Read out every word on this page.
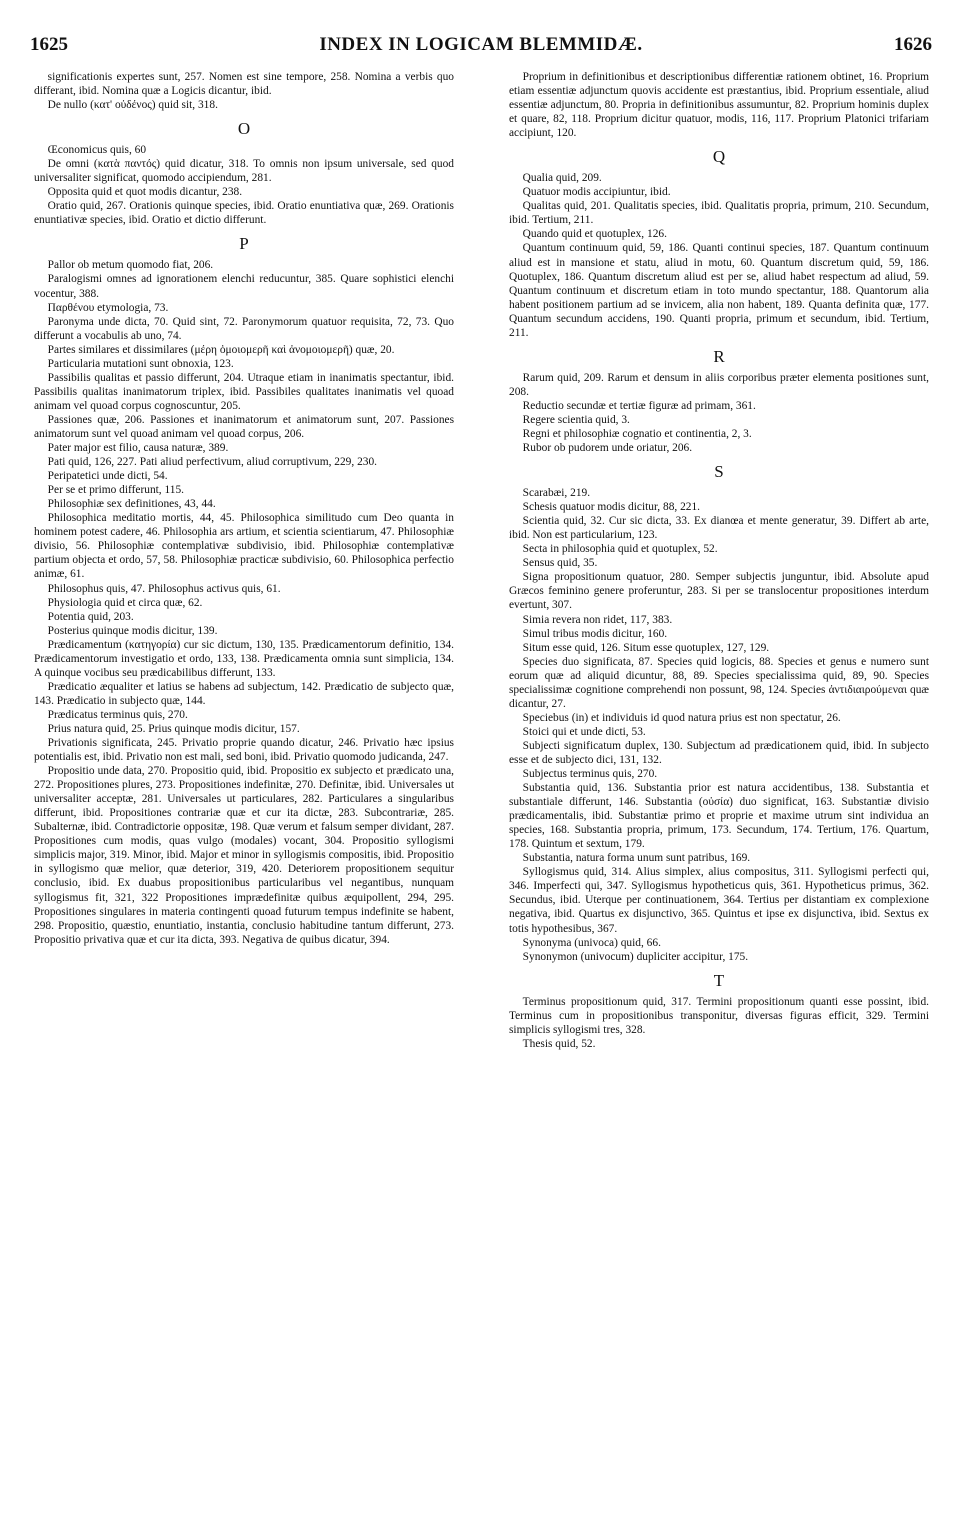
1625	INDEX IN LOGICAM BLEMMIDÆ.	1626
significationis expertes sunt, 257. Nomen est sine tempore, 258. Nomina a verbis quo differant, ibid. Nomina quæ a Logicis dicantur, ibid.
De nullo (κατ' οὐδένος) quid sit, 318.
O
Œconomicus quis, 60
De omni (κατὰ παντός) quid dicatur, 318. To omnis non ipsum universale, sed quod universaliter significat, quomodo accipiendum, 281.
Opposita quid et quot modis dicantur, 238.
Oratio quid, 267. Orationis quinque species, ibid. Oratio enuntiativa quæ, 269. Orationis enuntiativæ species, ibid. Oratio et dictio differunt.
P
Pallor ob metum quomodo fiat, 206.
Paralogismi omnes ad ignorationem elenchi reducuntur, 385. Quare sophistici elenchi vocentur, 388.
Παρθένου etymologia, 73.
Paronyma unde dicta, 70. Quid sint, 72. Paronymorum quatuor requisita, 72, 73. Quo differunt a vocabulis ab uno, 74.
Partes similares et dissimilares (μέρη ὁμοιομερῆ καὶ ἀνομοιομερῆ) quæ, 20.
Particularia mutationi sunt obnoxia, 123.
Passibilis qualitas et passio differunt, 204. Utraque etiam in inanimatis spectantur, ibid. Passibilis qualitas inanimatorum triplex, ibid. Passibiles qualitates inanimatis vel quoad animam vel quoad corpus cognoscuntur, 205.
Passiones quæ, 206. Passiones et inanimatorum et animatorum sunt, 207. Passiones animatorum sunt vel quoad animam vel quoad corpus, 206.
Pater major est filio, causa naturæ, 389.
Pati quid, 126, 227. Pati aliud perfectivum, aliud corruptivum, 229, 230.
Peripatetici unde dicti, 54.
Per se et primo differunt, 115.
Philosophiæ sex definitiones, 43, 44.
Philosophica meditatio mortis, 44, 45. Philosophica similitudo cum Deo quanta in hominem potest cadere, 46. Philosophia ars artium, et scientia scientiarum, 47. Philosophiæ divisio, 56. Philosophiæ contemplativæ subdivisio, ibid. Philosophiæ contemplativæ partium objecta et ordo, 57, 58. Philosophiæ practicæ subdivisio, 60. Philosophica perfectio animæ, 61.
Philosophus quis, 47. Philosophus activus quis, 61.
Physiologia quid et circa quæ, 62.
Potentia quid, 203.
Posterius quinque modis dicitur, 139.
Prædicamentum (κατηγορία) cur sic dictum, 130, 135. Prædicamentorum definitio, 134. Prædicamentorum investigatio et ordo, 133, 138. Prædicamenta omnia sunt simplicia, 134. A quinque vocibus seu prædicabilibus differunt, 133.
Prædicatio æqualiter et latius se habens ad subjectum, 142. Prædicatio de subjecto quæ, 143. Prædicatio in subjecto quæ, 144.
Prædicatus terminus quis, 270.
Prius natura quid, 25. Prius quinque modis dicitur, 157.
Privationis significata, 245. Privatio proprie quando dicatur, 246. Privatio hæc ipsius potentialis est, ibid. Privatio non est mali, sed boni, ibid. Privatio quomodo judicanda, 247.
Propositio unde data, 270. Propositio quid, ibid. Propositio ex subjecto et prædicato una, 272. Propositiones plures, 273. Propositiones indefinitæ, 270. Definitæ, ibid. Universales ut universaliter acceptæ, 281. Universales ut particulares, 282. Particulares a singularibus differunt, ibid. Propositiones contrariæ quæ et cur ita dictæ, 283. Subcontrariæ, 285. Subalternæ, ibid. Contradictorie oppositæ, 198. Quæ verum et falsum semper dividant, 287. Propositiones cum modis, quas vulgo (modales) vocant, 304. Propositio syllogismi simplicis major, 319. Minor, ibid. Major et minor in syllogismis compositis, ibid. Propositio in syllogismo quæ melior, quæ deterior, 319, 420. Deteriorem propositionem sequitur conclusio, ibid. Ex duabus propositionibus particularibus vel negantibus, nunquam syllogismus fit, 321, 322 Propositiones imprædefinitæ quibus æquipollent, 294, 295. Propositiones singulares in materia contingenti quoad futurum tempus indefinite se habent, 298. Propositio, quæstio, enuntiatio, instantia, conclusio habitudine tantum differunt, 273. Propositio privativa quæ et cur ita dicta, 393. Negativa de quibus dicatur, 394.
Proprium in definitionibus et descriptionibus differentiæ rationem obtinet, 16. Proprium etiam essentiæ adjunctum quovis accidente est præstantius, ibid. Proprium essentiale, aliud essentiæ adjunctum, 80. Propria in definitionibus assumuntur, 82. Proprium hominis duplex et quare, 82, 118. Proprium dicitur quatuor, modis, 116, 117. Proprium Platonici trifariam accipiunt, 120.
Q
Qualia quid, 209.
Quatuor modis accipiuntur, ibid.
Qualitas quid, 201. Qualitatis species, ibid. Qualitatis propria, primum, 210. Secundum, ibid. Tertium, 211.
Quando quid et quotuplex, 126.
Quantum continuum quid, 59, 186. Quanti continui species, 187. Quantum continuum aliud est in mansione et statu, aliud in motu, 60. Quantum discretum quid, 59, 186. Quotuplex, 186. Quantum discretum aliud est per se, aliud habet respectum ad aliud, 59. Quantum continuum et discretum etiam in toto mundo spectantur, 188. Quantorum alia habent positionem partium ad se invicem, alia non habent, 189. Quanta definita quæ, 177. Quantum secundum accidens, 190. Quanti propria, primum et secundum, ibid. Tertium, 211.
R
Rarum quid, 209. Rarum et densum in aliis corporibus præter elementa positiones sunt, 208.
Reductio secundæ et tertiæ figuræ ad primam, 361.
Regere scientia quid, 3.
Regni et philosophiæ cognatio et continentia, 2, 3.
Rubor ob pudorem unde oriatur, 206.
S
Scarabæi, 219.
Schesis quatuor modis dicitur, 88, 221.
Scientia quid, 32. Cur sic dicta, 33. Ex dianœa et mente generatur, 39. Differt ab arte, ibid. Non est particularium, 123.
Secta in philosophia quid et quotuplex, 52.
Sensus quid, 35.
Signa propositionum quatuor, 280. Semper subjectis junguntur, ibid. Absolute apud Græcos feminino genere proferuntur, 283. Si per se translocentur propositiones interdum evertunt, 307.
Simia revera non ridet, 117, 383.
Simul tribus modis dicitur, 160.
Situm esse quid, 126. Situm esse quotuplex, 127, 129.
Species duo significata, 87. Species quid logicis, 88. Species et genus e numero sunt eorum quæ ad aliquid dicuntur, 88, 89. Species specialissima quid, 89, 90. Species specialissimæ cognitione comprehendi non possunt, 98, 124. Species ἀντιδιαιρούμεναι quæ dicantur, 27.
Speciebus (in) et individuis id quod natura prius est non spectatur, 26.
Stoici qui et unde dicti, 53.
Subjecti significatum duplex, 130. Subjectum ad prædicationem quid, ibid. In subjecto esse et de subjecto dici, 131, 132.
Subjectus terminus quis, 270.
Substantia quid, 136. Substantia prior est natura accidentibus, 138. Substantia et substantiale differunt, 146. Substantia (οὐσία) duo significat, 163. Substantiæ divisio prædicamentalis, ibid. Substantiæ primo et proprie et maxime utrum sint individua an species, 168. Substantia propria, primum, 173. Secundum, 174. Tertium, 176. Quartum, 178. Quintum et sextum, 179.
Substantia, natura forma unum sunt patribus, 169.
Syllogismus quid, 314. Alius simplex, alius compositus, 311. Syllogismi perfecti qui, 346. Imperfecti qui, 347. Syllogismus hypotheticus quis, 361. Hypotheticus primus, 362. Secundus, ibid. Uterque per continuationem, 364. Tertius per distantiam ex complexione negativa, ibid. Quartus ex disjunctivo, 365. Quintus et ipse ex disjunctiva, ibid. Sextus ex totis hypothesibus, 367.
Synonyma (univoca) quid, 66.
Synonymon (univocum) dupliciter accipitur, 175.
T
Terminus propositionum quid, 317. Termini propositionum quanti esse possint, ibid. Terminus cum in propositionibus transponitur, diversas figuras efficit, 329. Termini simplicis syllogismi tres, 328.
Thesis quid, 52.
